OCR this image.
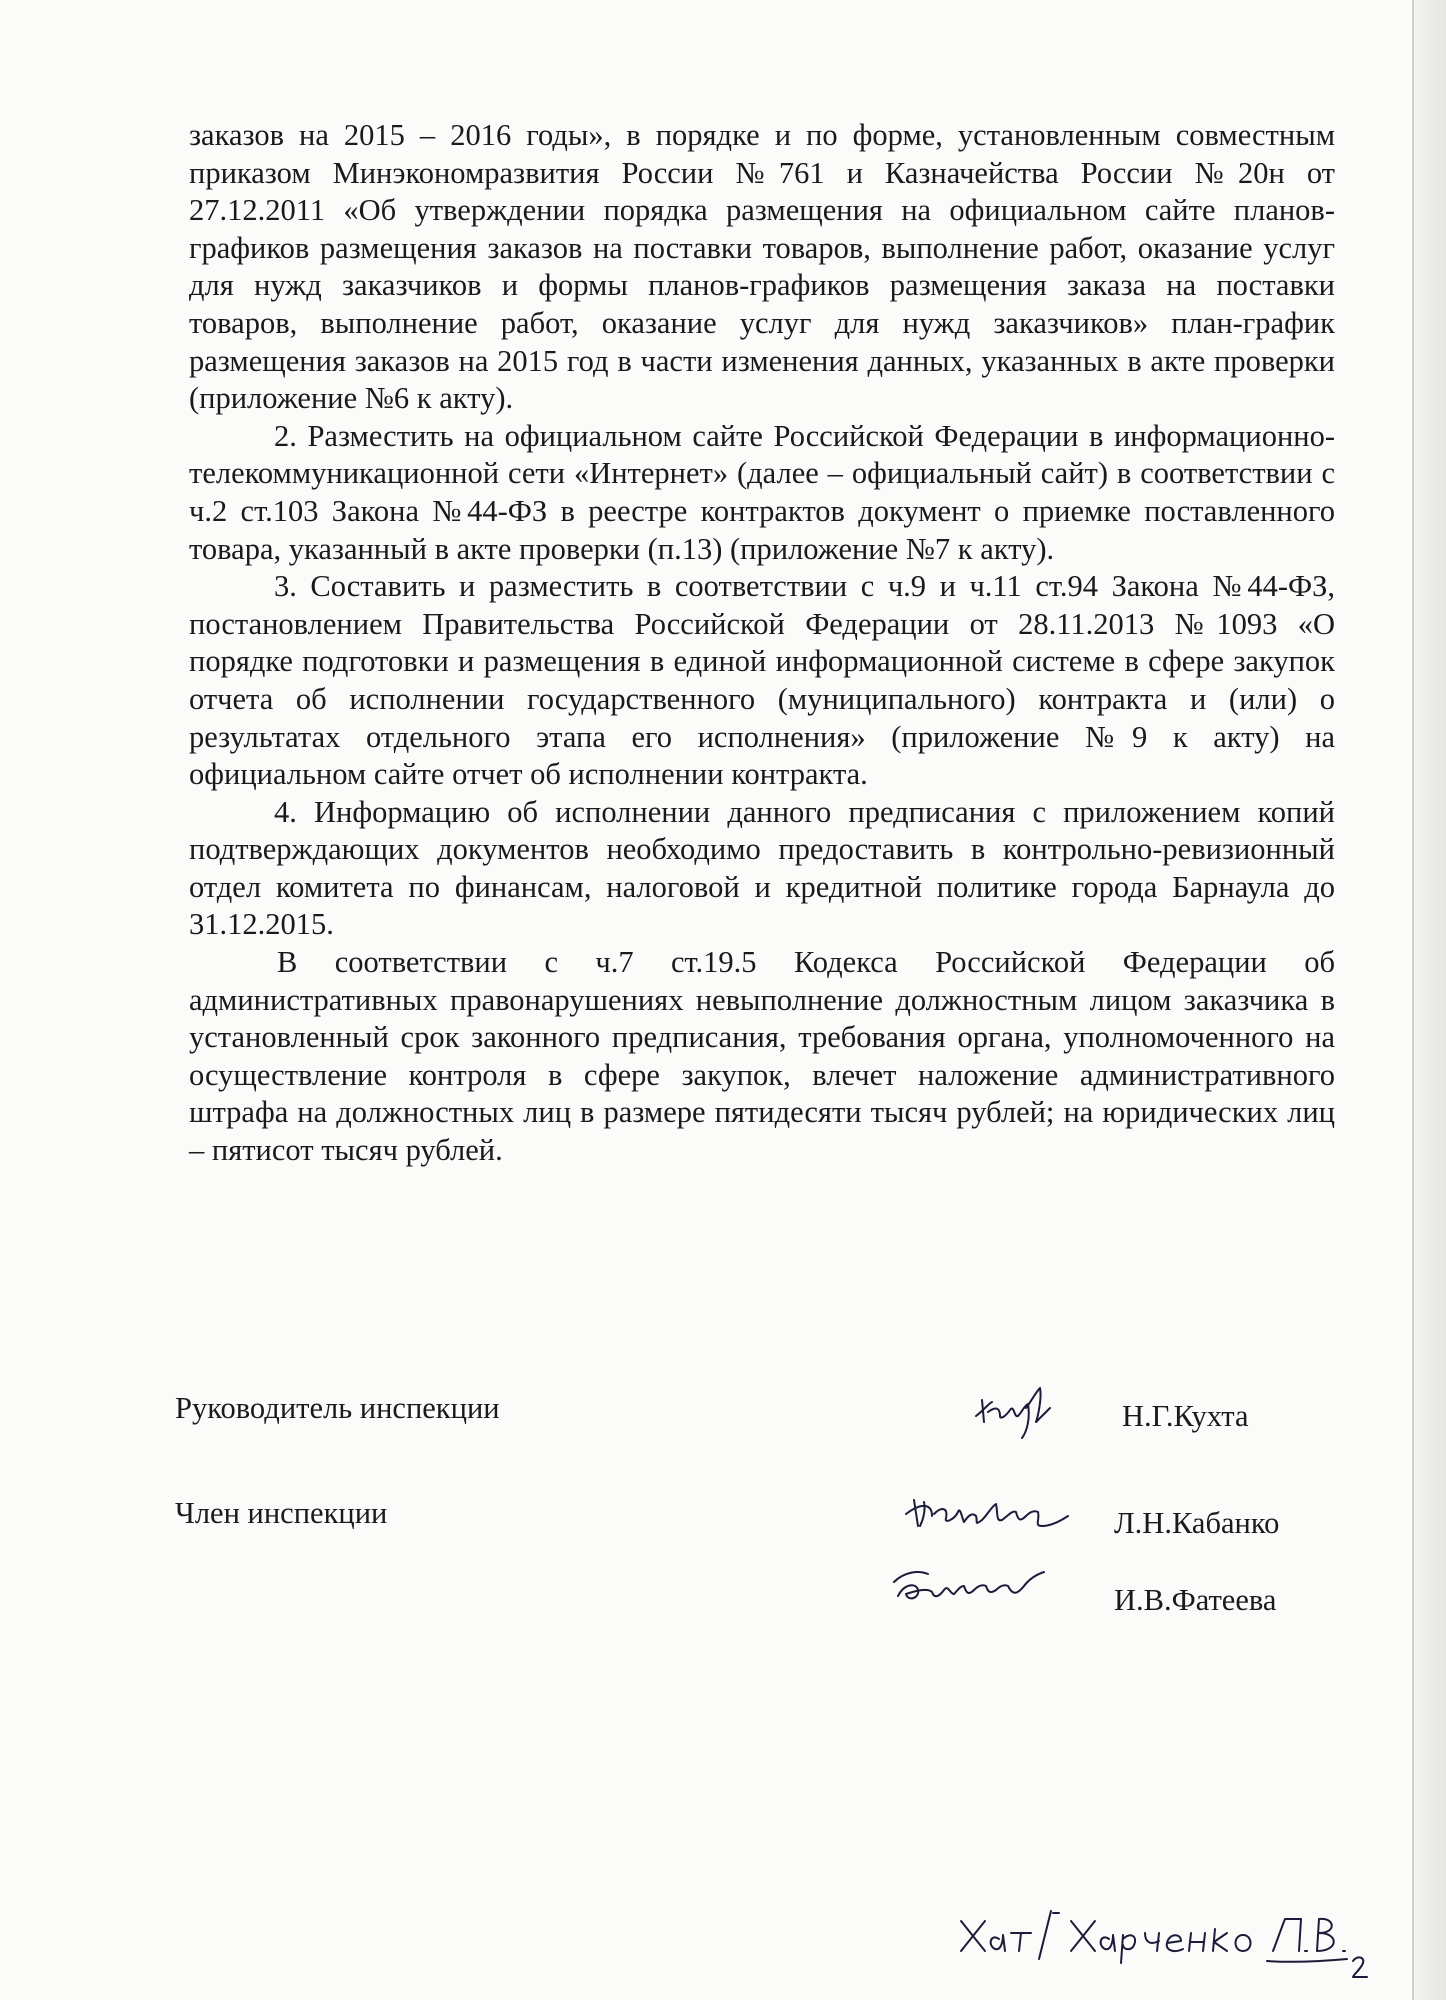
заказов на 2015 – 2016 годы», в порядке и по форме, установленным совместным приказом Минэкономразвития России №761 и Казначейства России №20н от 27.12.2011 «Об утверждении порядка размещения на официальном сайте планов-графиков размещения заказов на поставки товаров, выполнение работ, оказание услуг для нужд заказчиков и формы планов-графиков размещения заказа на поставки товаров, выполнение работ, оказание услуг для нужд заказчиков» план-график размещения заказов на 2015 год в части изменения данных, указанных в акте проверки (приложение №6 к акту).

2. Разместить на официальном сайте Российской Федерации в информационно-телекоммуникационной сети «Интернет» (далее – официальный сайт) в соответствии с ч.2 ст.103 Закона №44-ФЗ в реестре контрактов документ о приемке поставленного товара, указанный в акте проверки (п.13) (приложение №7 к акту).

3. Составить и разместить в соответствии с ч.9 и ч.11 ст.94 Закона №44-ФЗ, постановлением Правительства Российской Федерации от 28.11.2013 №1093 «О порядке подготовки и размещения в единой информационной системе в сфере закупок отчета об исполнении государственного (муниципального) контракта и (или) о результатах отдельного этапа его исполнения» (приложение №9 к акту) на официальном сайте отчет об исполнении контракта.

4. Информацию об исполнении данного предписания с приложением копий подтверждающих документов необходимо предоставить в контрольно-ревизионный отдел комитета по финансам, налоговой и кредитной политике города Барнаула до 31.12.2015.

В соответствии с ч.7 ст.19.5 Кодекса Российской Федерации об административных правонарушениях невыполнение должностным лицом заказчика в установленный срок законного предписания, требования органа, уполномоченного на осуществление контроля в сфере закупок, влечет наложение административного штрафа на должностных лиц в размере пятидесяти тысяч рублей; на юридических лиц – пятисот тысяч рублей.

Руководитель инспекции	Н.Г.Кухта
Член инспекции	Л.Н.Кабанко
И.В.Фатеева
